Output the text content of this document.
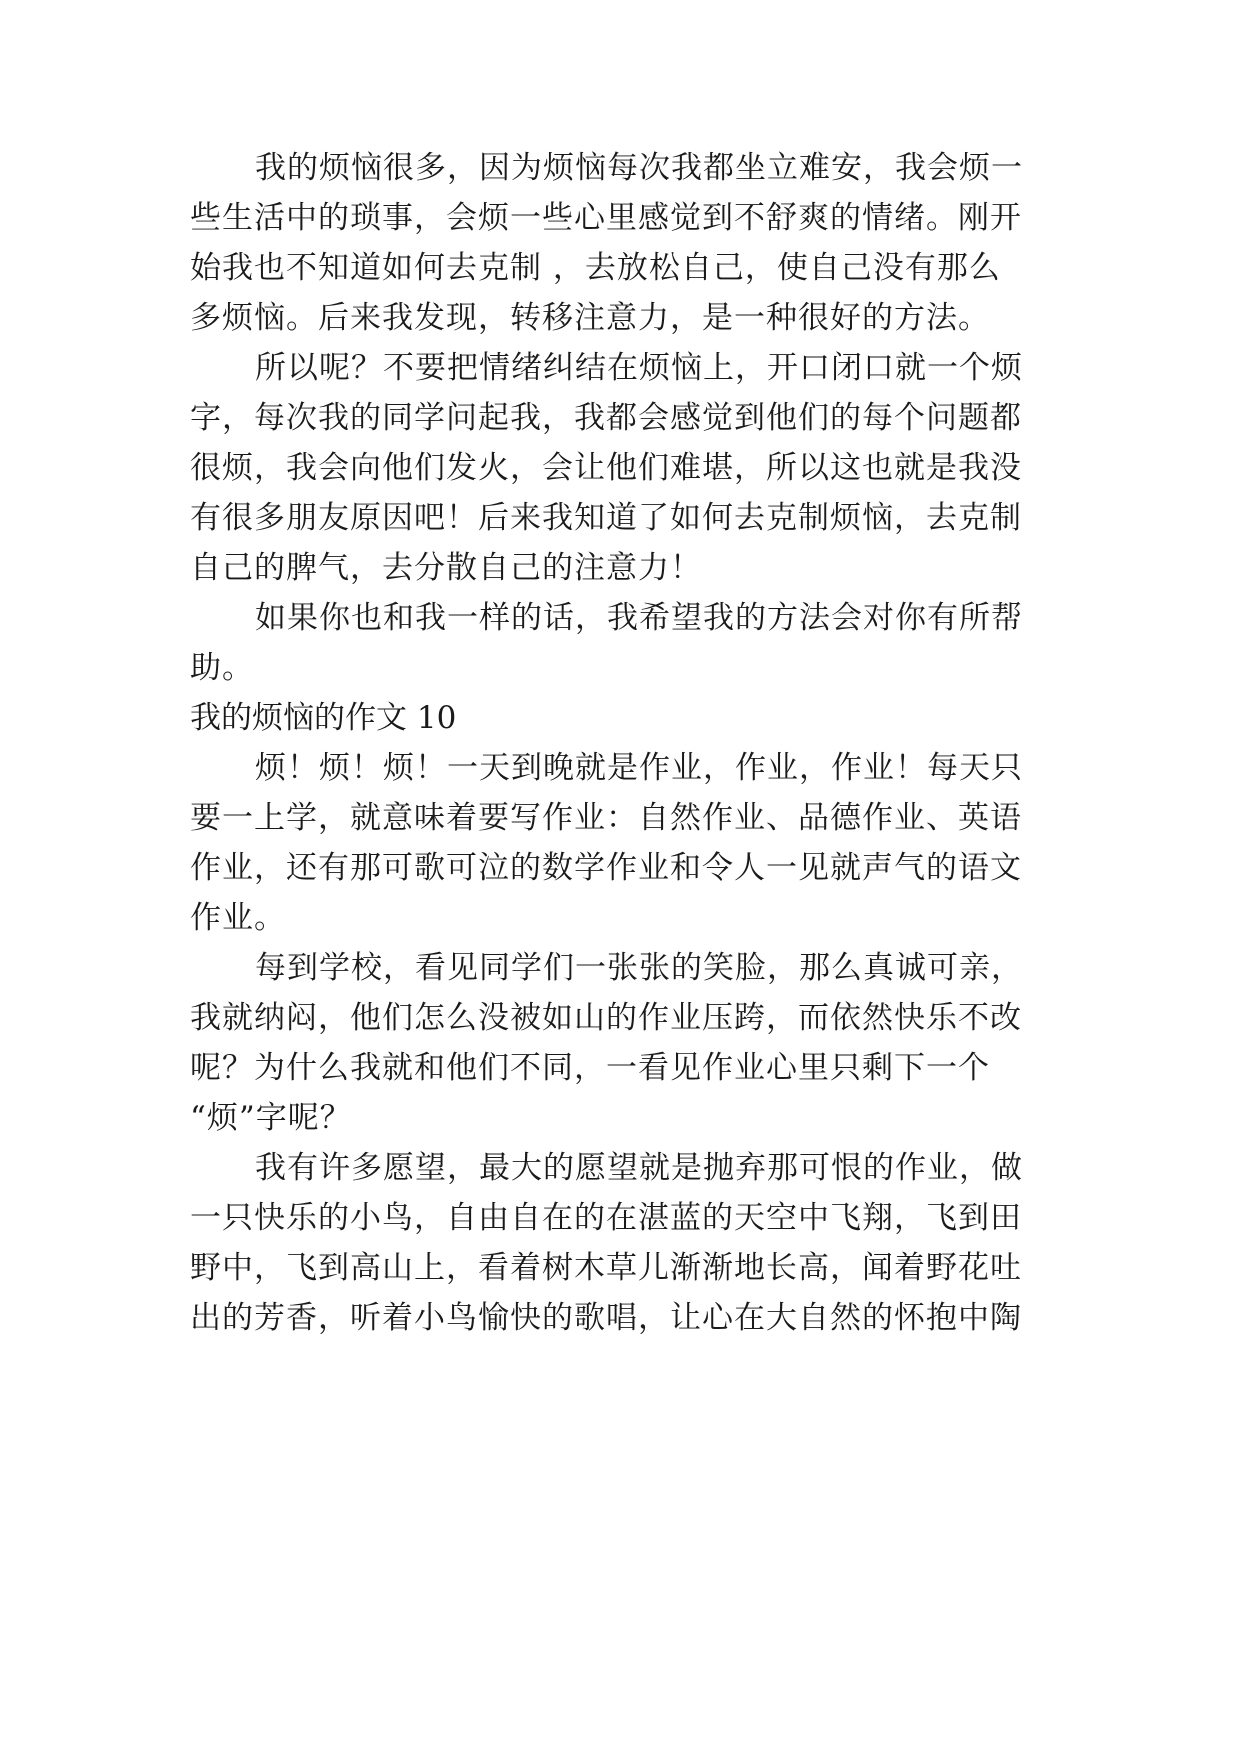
我的烦恼很多，因为烦恼每次我都坐立难安，我会烦一
些生活中的琐事，会烦一些心里感觉到不舒爽的情绪。刚开
始我也不知道如何去克制 ，去放松自己，使自己没有那么
多烦恼。后来我发现，转移注意力，是一种很好的方法。
所以呢？不要把情绪纠结在烦恼上，开口闭口就一个烦
字，每次我的同学问起我，我都会感觉到他们的每个问题都
很烦，我会向他们发火，会让他们难堪，所以这也就是我没
有很多朋友原因吧！后来我知道了如何去克制烦恼，去克制
自己的脾气，去分散自己的注意力！
如果你也和我一样的话，我希望我的方法会对你有所帮
助。
我的烦恼的作文 10
烦！烦！烦！一天到晚就是作业，作业，作业！每天只
要一上学，就意味着要写作业：自然作业、品德作业、英语
作业，还有那可歌可泣的数学作业和令人一见就声气的语文
作业。
每到学校，看见同学们一张张的笑脸，那么真诚可亲，
我就纳闷，他们怎么没被如山的作业压跨，而依然快乐不改
呢？为什么我就和他们不同，一看见作业心里只剩下一个
“烦”字呢？
我有许多愿望，最大的愿望就是抛弃那可恨的作业，做
一只快乐的小鸟，自由自在的在湛蓝的天空中飞翔，飞到田
野中，飞到高山上，看着树木草儿渐渐地长高，闻着野花吐
出的芳香，听着小鸟愉快的歌唱，让心在大自然的怀抱中陶
